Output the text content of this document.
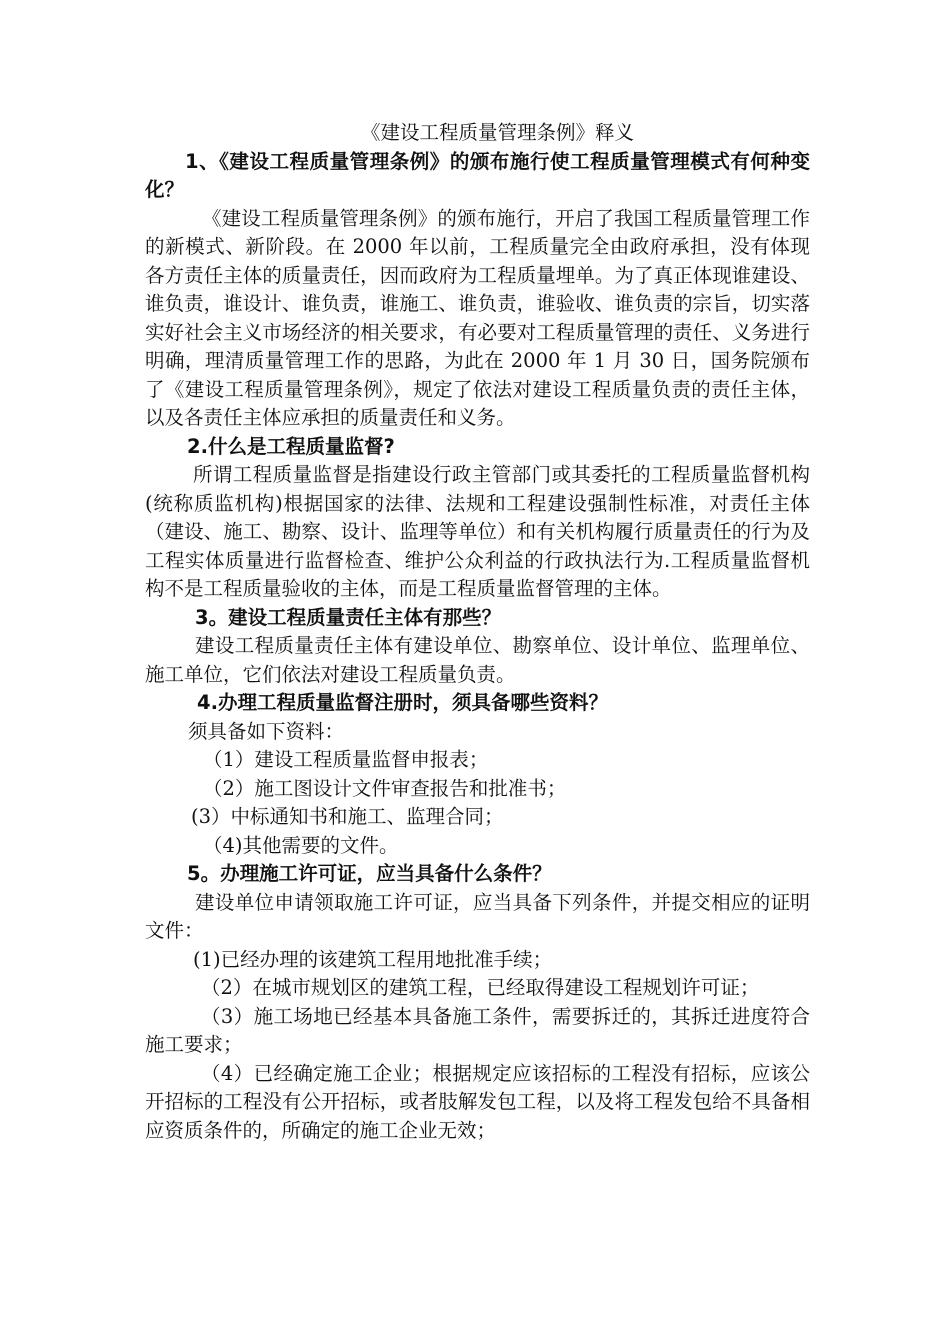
《建设工程质量管理条例》释义

1、《建设工程质量管理条例》的颁布施行使工程质量管理模式有何种变化？

《建设工程质量管理条例》的颁布施行，开启了我国工程质量管理工作的新模式、新阶段。在 2000 年以前，工程质量完全由政府承担，没有体现各方责任主体的质量责任，因而政府为工程质量埋单。为了真正体现谁建设、谁负责，谁设计、谁负责，谁施工、谁负责，谁验收、谁负责的宗旨，切实落实好社会主义市场经济的相关要求，有必要对工程质量管理的责任、义务进行明确，理清质量管理工作的思路，为此在 2000 年 1 月 30 日，国务院颁布了《建设工程质量管理条例》，规定了依法对建设工程质量负责的责任主体，以及各责任主体应承担的质量责任和义务。

2.什么是工程质量监督?

所谓工程质量监督是指建设行政主管部门或其委托的工程质量监督机构(统称质监机构)根据国家的法律、法规和工程建设强制性标准，对责任主体（建设、施工、勘察、设计、监理等单位）和有关机构履行质量责任的行为及工程实体质量进行监督检查、维护公众利益的行政执法行为.工程质量监督机构不是工程质量验收的主体，而是工程质量监督管理的主体。

3。建设工程质量责任主体有那些？

建设工程质量责任主体有建设单位、勘察单位、设计单位、监理单位、施工单位，它们依法对建设工程质量负责。

4.办理工程质量监督注册时，须具备哪些资料？

须具备如下资料：

（1）建设工程质量监督申报表；

（2）施工图设计文件审查报告和批准书；

(3）中标通知书和施工、监理合同；

（4)其他需要的文件。

5。办理施工许可证，应当具备什么条件？

建设单位申请领取施工许可证，应当具备下列条件，并提交相应的证明文件：

(1)已经办理的该建筑工程用地批准手续；

（2）在城市规划区的建筑工程，已经取得建设工程规划许可证；

（3）施工场地已经基本具备施工条件，需要拆迁的，其拆迁进度符合施工要求；

（4）已经确定施工企业；根据规定应该招标的工程没有招标，应该公开招标的工程没有公开招标，或者肢解发包工程，以及将工程发包给不具备相应资质条件的，所确定的施工企业无效；
